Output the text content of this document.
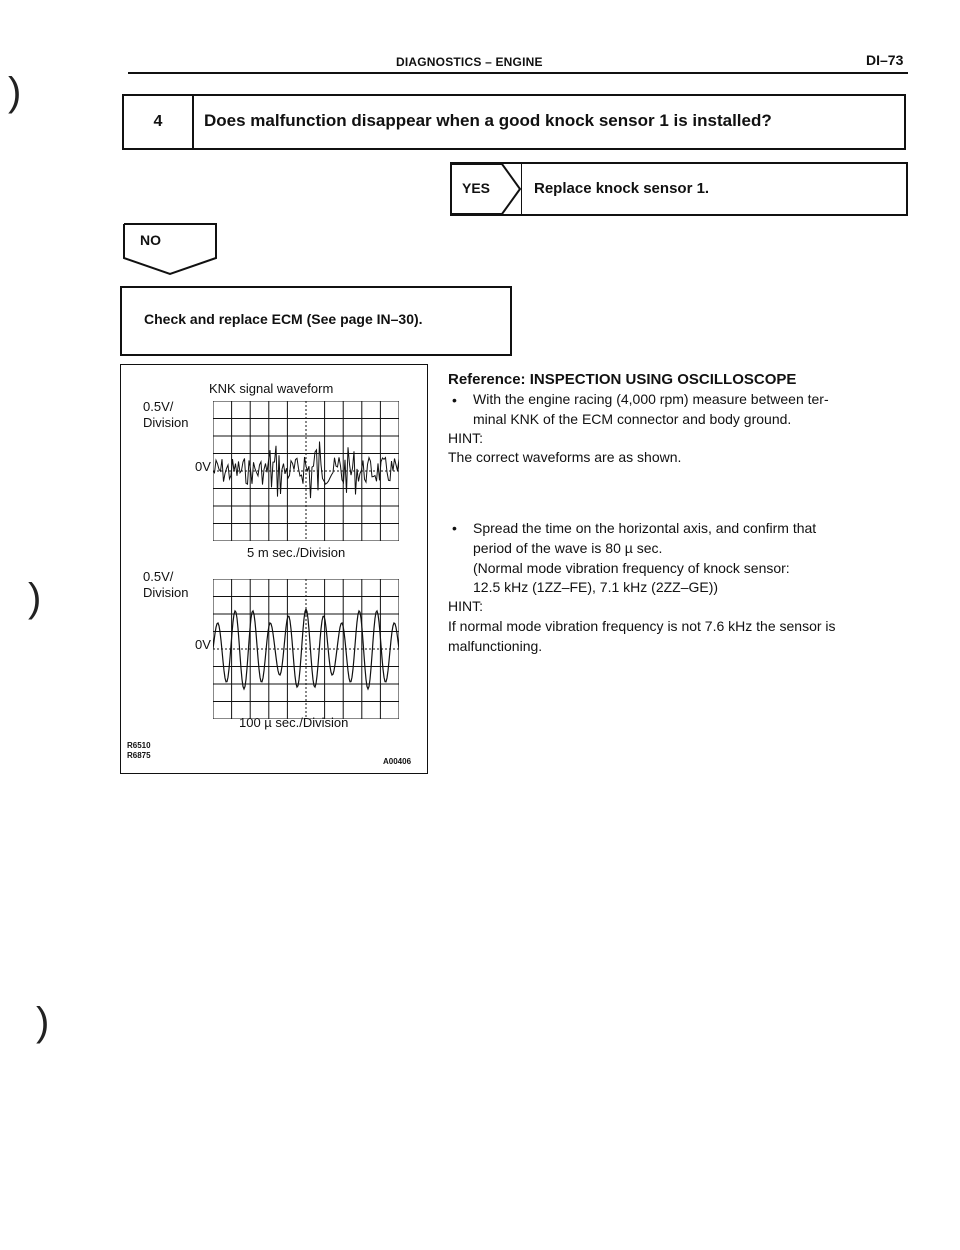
DIAGNOSTICS – ENGINE	DI–73
)
)
)
4	Does malfunction disappear when a good knock sensor 1 is installed?
YES	Replace knock sensor 1.
NO
Check and replace ECM (See page IN–30).
KNK signal waveform
0.5V/
Division
0V
5 m sec./Division
0.5V/
Division
0V
100 µ sec./Division
R6510
R6875
A00406
Reference: INSPECTION USING OSCILLOSCOPE
• With the engine racing (4,000 rpm) measure between ter-
minal KNK of the ECM connector and body ground.
HINT:
The correct waveforms are as shown.
• Spread the time on the horizontal axis, and confirm that
period of the wave is 80 µ sec.
(Normal mode vibration frequency of knock sensor:
12.5 kHz (1ZZ–FE), 7.1 kHz (2ZZ–GE))
HINT:
If normal mode vibration frequency is not 7.6 kHz the sensor is
malfunctioning.
